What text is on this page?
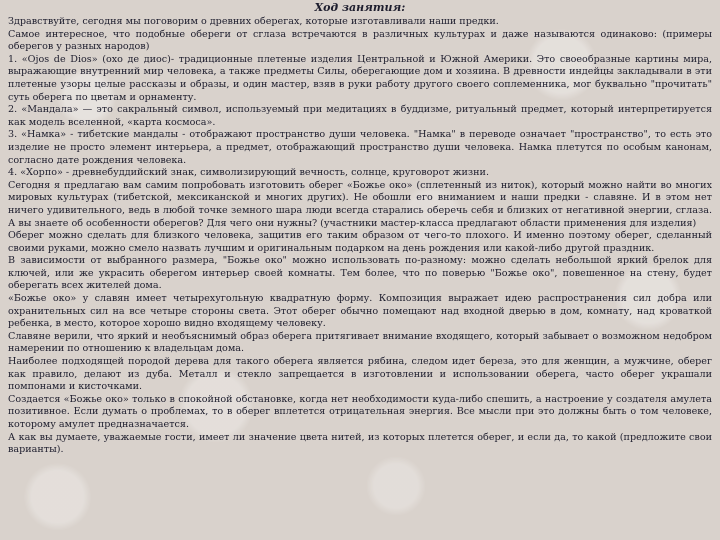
Ход занятия:

Здравствуйте, сегодня мы поговорим о древних оберегах, которые изготавливали наши предки.

Самое интересное, что подобные обереги от сглаза встречаются в различных культурах и даже называются одинаково: (примеры оберегов у разных народов)

1. «Ojos de Dios» (охо де диос)- традиционные плетеные изделия Центральной и Южной Америки. Это своеобразные картины мира, выражающие внутренний мир человека, а также предметы Силы, оберегающие дом и хозяина. В древности индейцы закладывали в эти плетеные узоры целые рассказы и образы, и один мастер, взяв в руки работу другого своего соплеменника, мог буквально "прочитать" суть оберега по цветам и орнаменту.

2. «Мандала» — это сакральный символ, используемый при медитациях в буддизме, ритуальный предмет, который интерпретируется как модель вселенной, «карта космоса».

3. «Намка» - тибетские мандалы - отображают пространство души человека. "Намка" в переводе означает "пространство", то есть это изделие не просто элемент интерьера, а предмет, отображающий пространство души человека. Намка плетутся по особым канонам, согласно дате рождения человека.

4. «Хорпо» - древнебуддийский знак, символизирующий вечность, солнце, круговорот жизни.

Сегодня я предлагаю вам самим попробовать изготовить оберег «Божье око» (сплетенный из ниток), который можно найти во многих мировых культурах (тибетской, мексиканской и многих других). Не обошли его вниманием и наши предки - славяне. И в этом нет ничего удивительного, ведь в любой точке земного шара люди всегда старались оберечь себя и близких от негативной энергии, сглаза. А вы знаете об особенности оберегов? Для чего они нужны? (участники мастер-класса предлагают области применения для изделия)

Оберег можно сделать для близкого человека, защитив его таким образом от чего-то плохого. И именно поэтому оберег, сделанный своими руками, можно смело назвать лучшим и оригинальным подарком на день рождения или какой-либо другой праздник.

В зависимости от выбранного размера, "Божье око" можно использовать по-разному: можно сделать небольшой яркий брелок для ключей, или же украсить оберегом интерьер своей комнаты. Тем более, что по поверью "Божье око", повешенное на стену, будет оберегать всех жителей дома.

«Божье око» у славян имеет четырехугольную квадратную форму. Композиция выражает идею распространения сил добра или охранительных сил на все четыре стороны света. Этот оберег обычно помещают над входной дверью в дом, комнату, над кроваткой ребенка, в место, которое хорошо видно входящему человеку.

Славяне верили, что яркий и необъяснимый образ оберега притягивает внимание входящего, который забывает о возможном недобром намерении по отношению к владельцам дома.

Наиболее подходящей породой дерева для такого оберега является рябина, следом идет береза, это для женщин, а мужчине, оберег как правило, делают из дуба. Металл и стекло запрещается в изготовлении и использовании оберега, часто оберег украшали помпонами и кисточками.

Создается «Божье око» только в спокойной обстановке, когда нет необходимости куда-либо спешить, а настроение у создателя амулета позитивное. Если думать о проблемах, то в оберег вплетется отрицательная энергия. Все мысли при это должны быть о том человеке, которому амулет предназначается.

А как вы думаете, уважаемые гости, имеет ли значение цвета нитей, из которых плетется оберег, и если да, то какой (предложите свои варианты).
